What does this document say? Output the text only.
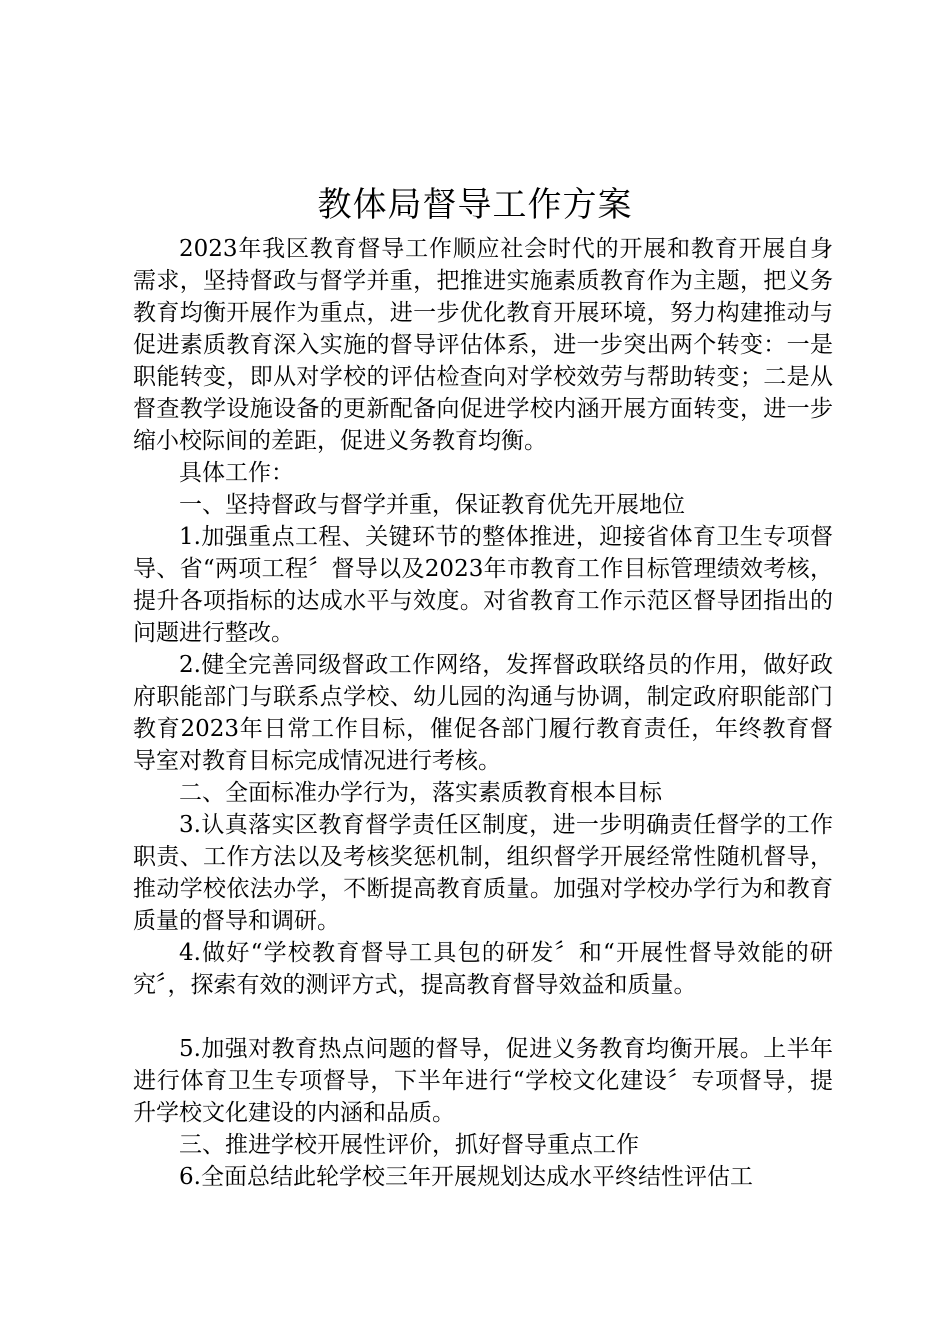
教体局督导工作方案

2023年我区教育督导工作顺应社会时代的开展和教育开展自身需求，坚持督政与督学并重，把推进实施素质教育作为主题，把义务教育均衡开展作为重点，进一步优化教育开展环境，努力构建推动与促进素质教育深入实施的督导评估体系，进一步突出两个转变：一是职能转变，即从对学校的评估检查向对学校效劳与帮助转变；二是从督查教学设施设备的更新配备向促进学校内涵开展方面转变，进一步缩小校际间的差距，促进义务教育均衡。

具体工作：

一、坚持督政与督学并重，保证教育优先开展地位

1.加强重点工程、关键环节的整体推进，迎接省体育卫生专项督导、省“两项工程〞督导以及2023年市教育工作目标管理绩效考核，提升各项指标的达成水平与效度。对省教育工作示范区督导团指出的问题进行整改。

2.健全完善同级督政工作网络，发挥督政联络员的作用，做好政府职能部门与联系点学校、幼儿园的沟通与协调，制定政府职能部门教育2023年日常工作目标，催促各部门履行教育责任，年终教育督导室对教育目标完成情况进行考核。

二、全面标准办学行为，落实素质教育根本目标

3.认真落实区教育督学责任区制度，进一步明确责任督学的工作职责、工作方法以及考核奖惩机制，组织督学开展经常性随机督导，推动学校依法办学，不断提高教育质量。加强对学校办学行为和教育质量的督导和调研。

4.做好“学校教育督导工具包的研发〞和“开展性督导效能的研究〞，探索有效的测评方式，提高教育督导效益和质量。

5.加强对教育热点问题的督导，促进义务教育均衡开展。上半年进行体育卫生专项督导，下半年进行“学校文化建设〞专项督导，提升学校文化建设的内涵和品质。

三、推进学校开展性评价，抓好督导重点工作

6.全面总结此轮学校三年开展规划达成水平终结性评估工
